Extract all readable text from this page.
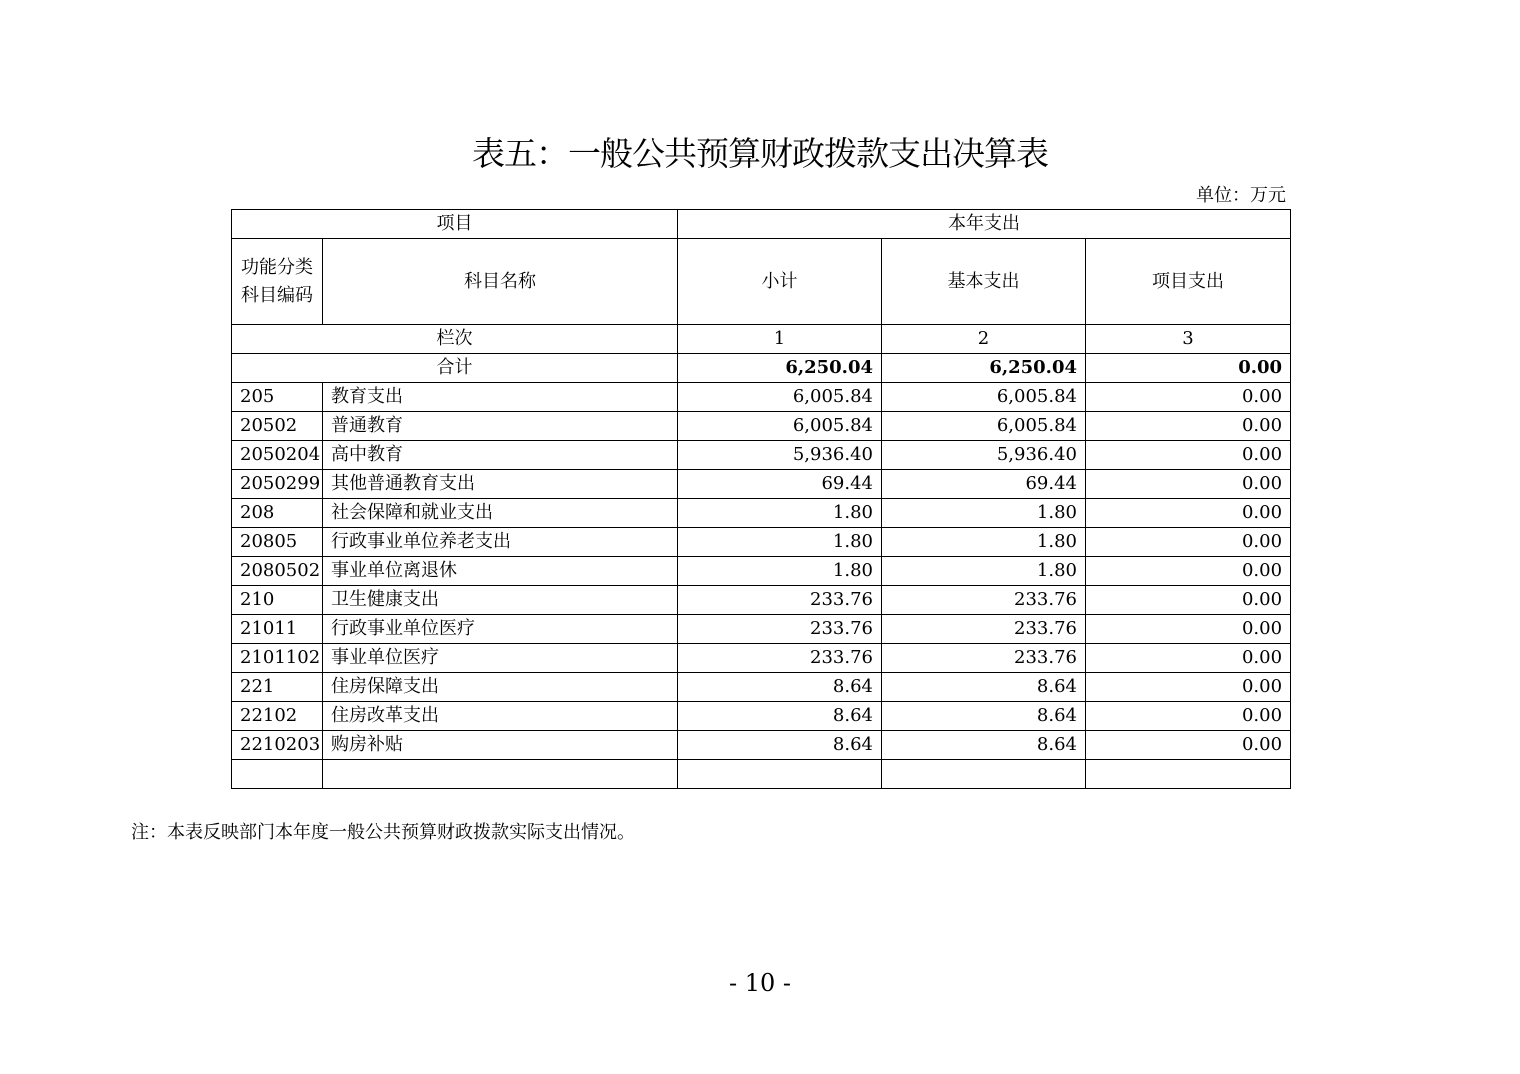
表五：一般公共预算财政拨款支出决算表
单位：万元
项目		本年支出		
功能分类科目编码	科目名称	小计	基本支出	项目支出
栏次		1	2	3
合计		6,250.04	6,250.04	0.00
205	教育支出	6,005.84	6,005.84	0.00
20502	普通教育	6,005.84	6,005.84	0.00
2050204	高中教育	5,936.40	5,936.40	0.00
2050299	其他普通教育支出	69.44	69.44	0.00
208	社会保障和就业支出	1.80	1.80	0.00
20805	行政事业单位养老支出	1.80	1.80	0.00
2080502	事业单位离退休	1.80	1.80	0.00
210	卫生健康支出	233.76	233.76	0.00
21011	行政事业单位医疗	233.76	233.76	0.00
2101102	事业单位医疗	233.76	233.76	0.00
221	住房保障支出	8.64	8.64	0.00
22102	住房改革支出	8.64	8.64	0.00
2210203	购房补贴	8.64	8.64	0.00

注：本表反映部门本年度一般公共预算财政拨款实际支出情况。
- 10 -
